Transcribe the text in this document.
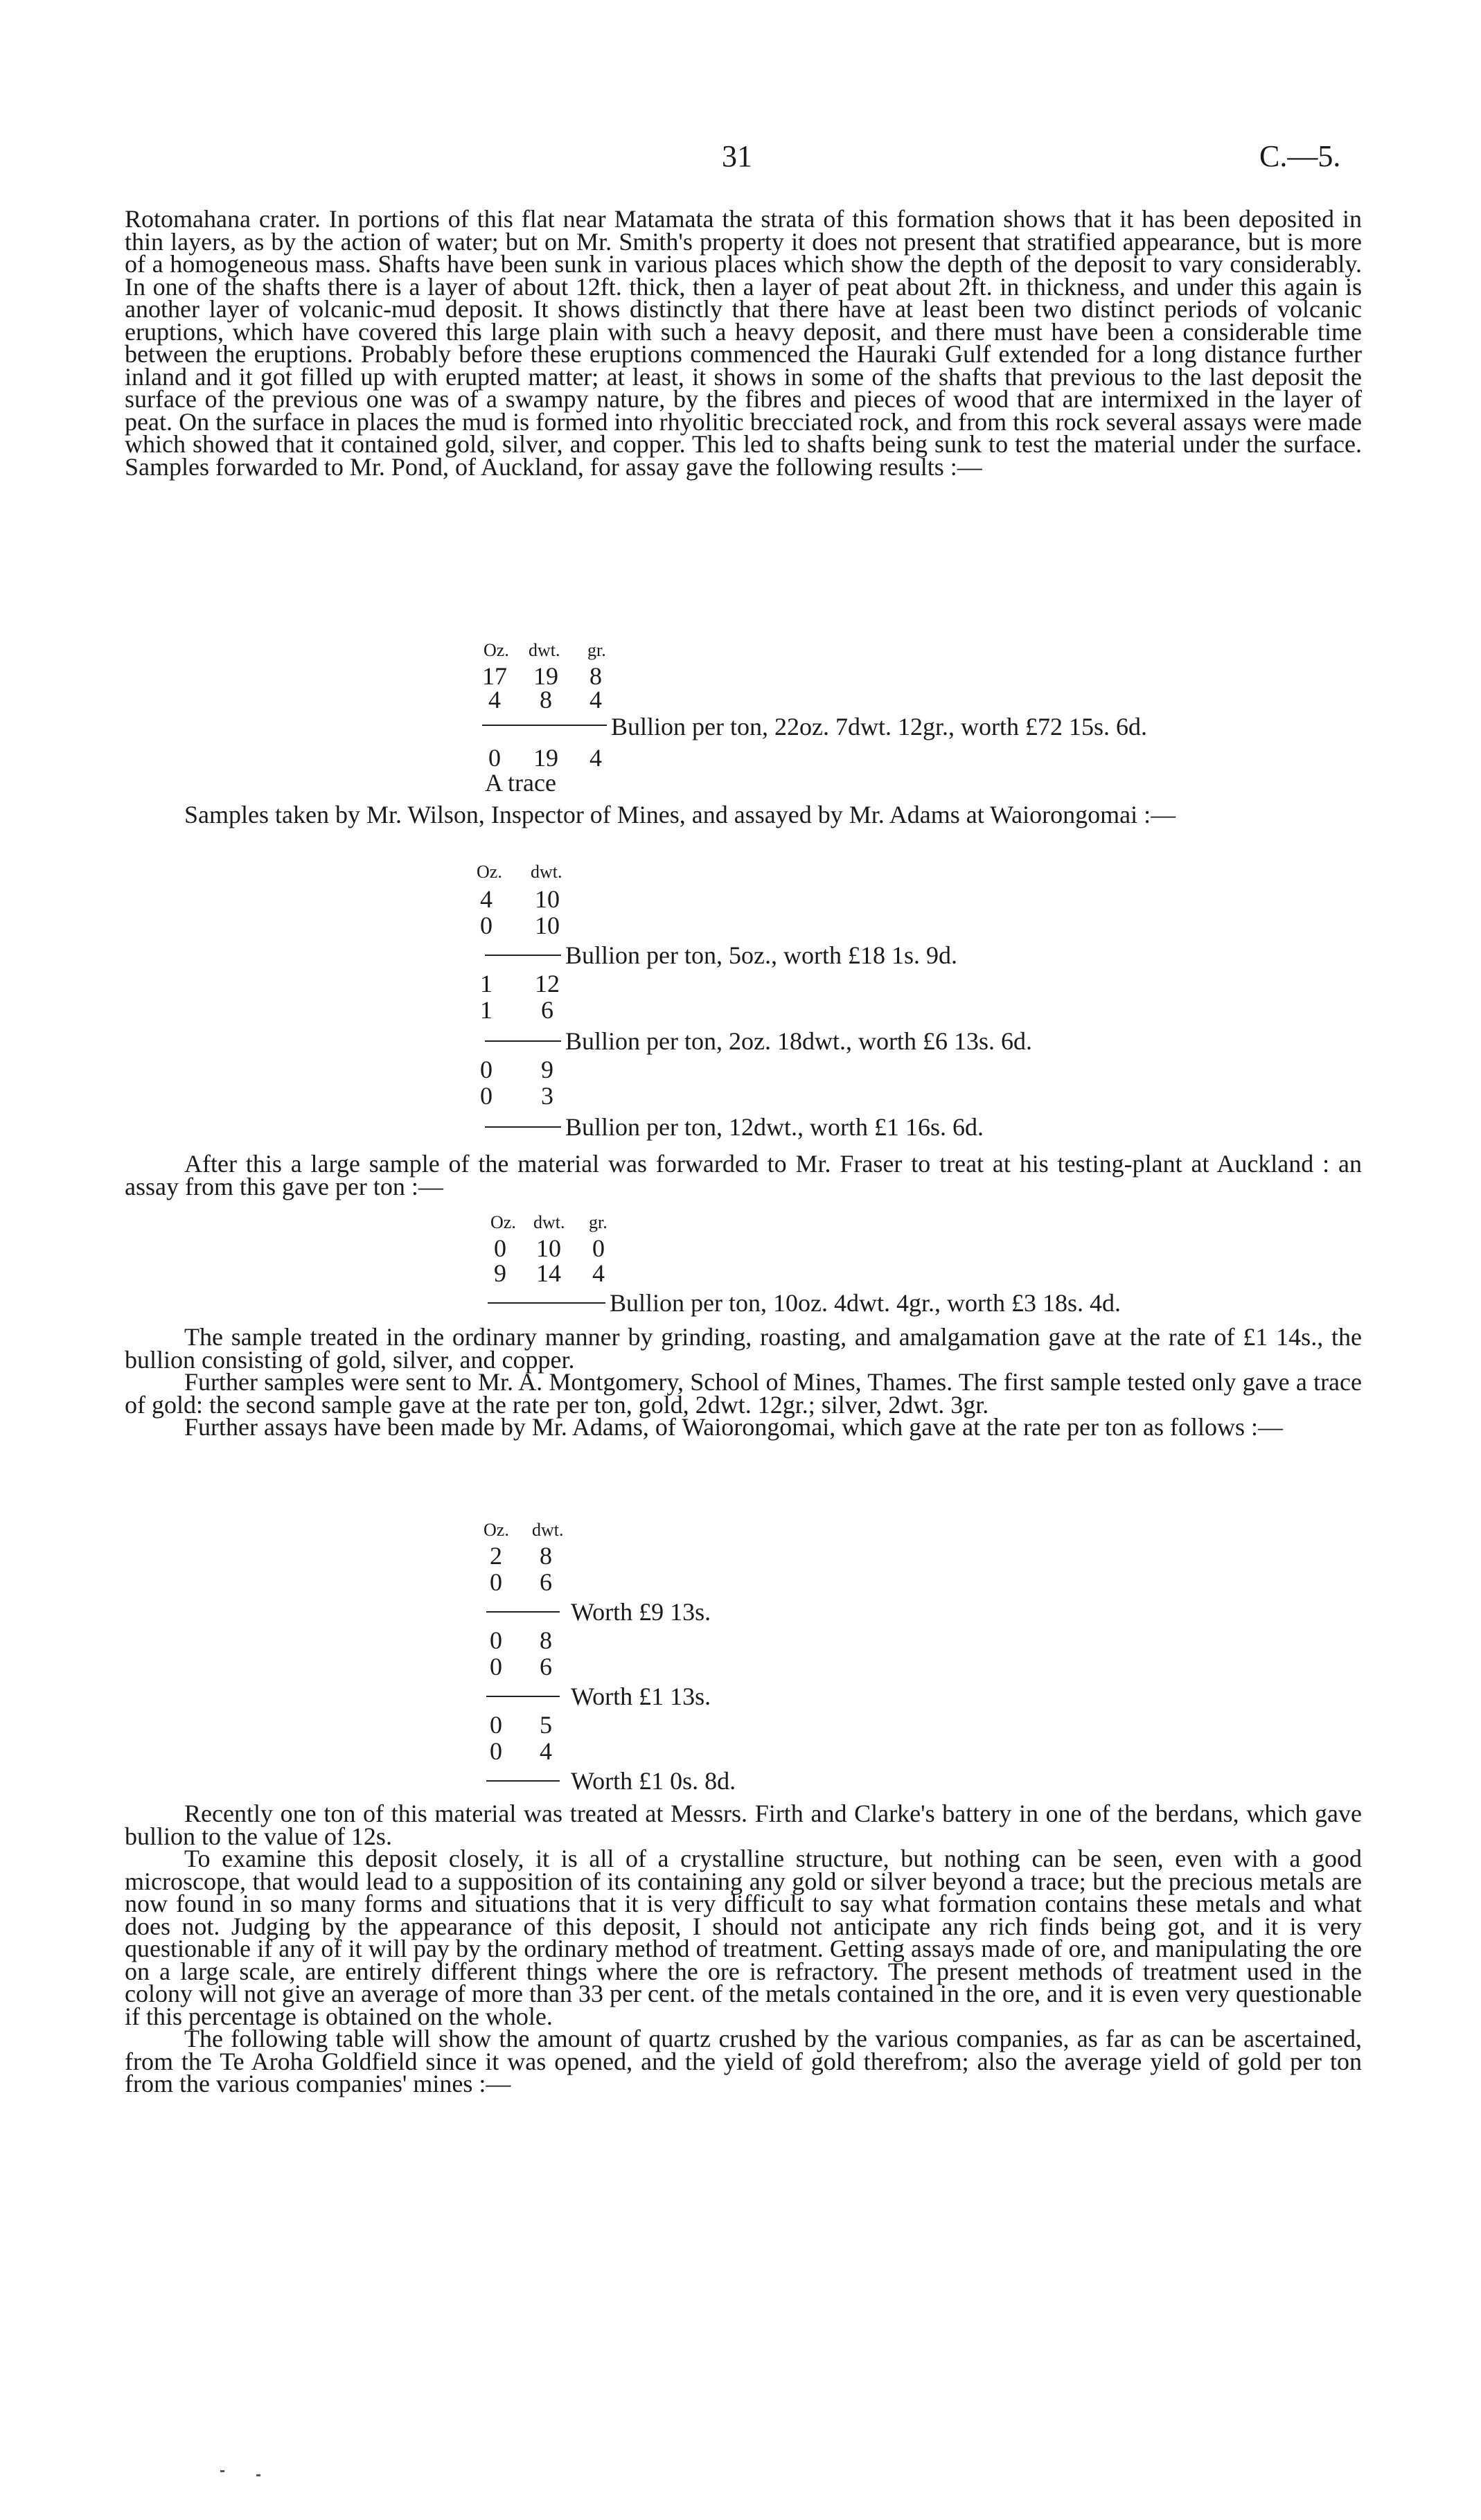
31	C.—5.

Rotomahana crater. In portions of this flat near Matamata the strata of this formation shows that it has been deposited in thin layers, as by the action of water; but on Mr. Smith's property it does not present that stratified appearance, but is more of a homogeneous mass. Shafts have been sunk in various places which show the depth of the deposit to vary considerably. In one of the shafts there is a layer of about 12ft. thick, then a layer of peat about 2ft. in thickness, and under this again is another layer of volcanic-mud deposit. It shows distinctly that there have at least been two distinct periods of volcanic eruptions, which have covered this large plain with such a heavy deposit, and there must have been a considerable time between the eruptions. Probably before these eruptions commenced the Hauraki Gulf extended for a long distance further inland and it got filled up with erupted matter; at least, it shows in some of the shafts that previous to the last deposit the surface of the previous one was of a swampy nature, by the fibres and pieces of wood that are intermixed in the layer of peat. On the surface in places the mud is formed into rhyolitic brecciated rock, and from this rock several assays were made which showed that it contained gold, silver, and copper. This led to shafts being sunk to test the material under the surface. Samples forwarded to Mr. Pond, of Auckland, for assay gave the following results :—

Oz. dwt. gr.
17	19	8
4	8	4
Bullion per ton, 22oz. 7dwt. 12gr., worth £72 15s. 6d.
0	19	4
A trace

Samples taken by Mr. Wilson, Inspector of Mines, and assayed by Mr. Adams at Waiorongomai :—

Oz. dwt.
4	10
0	10
Bullion per ton, 5oz., worth £18 1s. 9d.
1	12
1	6
Bullion per ton, 2oz. 18dwt., worth £6 13s. 6d.
0	9
0	3
Bullion per ton, 12dwt., worth £1 16s. 6d.

After this a large sample of the material was forwarded to Mr. Fraser to treat at his testing-plant at Auckland : an assay from this gave per ton :—

Oz. dwt. gr.
0	10	0
9	14	4
Bullion per ton, 10oz. 4dwt. 4gr., worth £3 18s. 4d.

The sample treated in the ordinary manner by grinding, roasting, and amalgamation gave at the rate of £1 14s., the bullion consisting of gold, silver, and copper.

Further samples were sent to Mr. A. Montgomery, School of Mines, Thames. The first sample tested only gave a trace of gold: the second sample gave at the rate per ton, gold, 2dwt. 12gr.; silver, 2dwt. 3gr.

Further assays have been made by Mr. Adams, of Waiorongomai, which gave at the rate per ton as follows :—

Oz. dwt.
2	8
0	6
Worth £9 13s.
0	8
0	6
Worth £1 13s.
0	5
0	4
Worth £1 0s. 8d.

Recently one ton of this material was treated at Messrs. Firth and Clarke's battery in one of the berdans, which gave bullion to the value of 12s.

To examine this deposit closely, it is all of a crystalline structure, but nothing can be seen, even with a good microscope, that would lead to a supposition of its containing any gold or silver beyond a trace; but the precious metals are now found in so many forms and situations that it is very difficult to say what formation contains these metals and what does not. Judging by the appearance of this deposit, I should not anticipate any rich finds being got, and it is very questionable if any of it will pay by the ordinary method of treatment. Getting assays made of ore, and manipulating the ore on a large scale, are entirely different things where the ore is refractory. The present methods of treatment used in the colony will not give an average of more than 33 per cent. of the metals contained in the ore, and it is even very questionable if this percentage is obtained on the whole.

The following table will show the amount of quartz crushed by the various companies, as far as can be ascertained, from the Te Aroha Goldfield since it was opened, and the yield of gold therefrom; also the average yield of gold per ton from the various companies' mines :—
